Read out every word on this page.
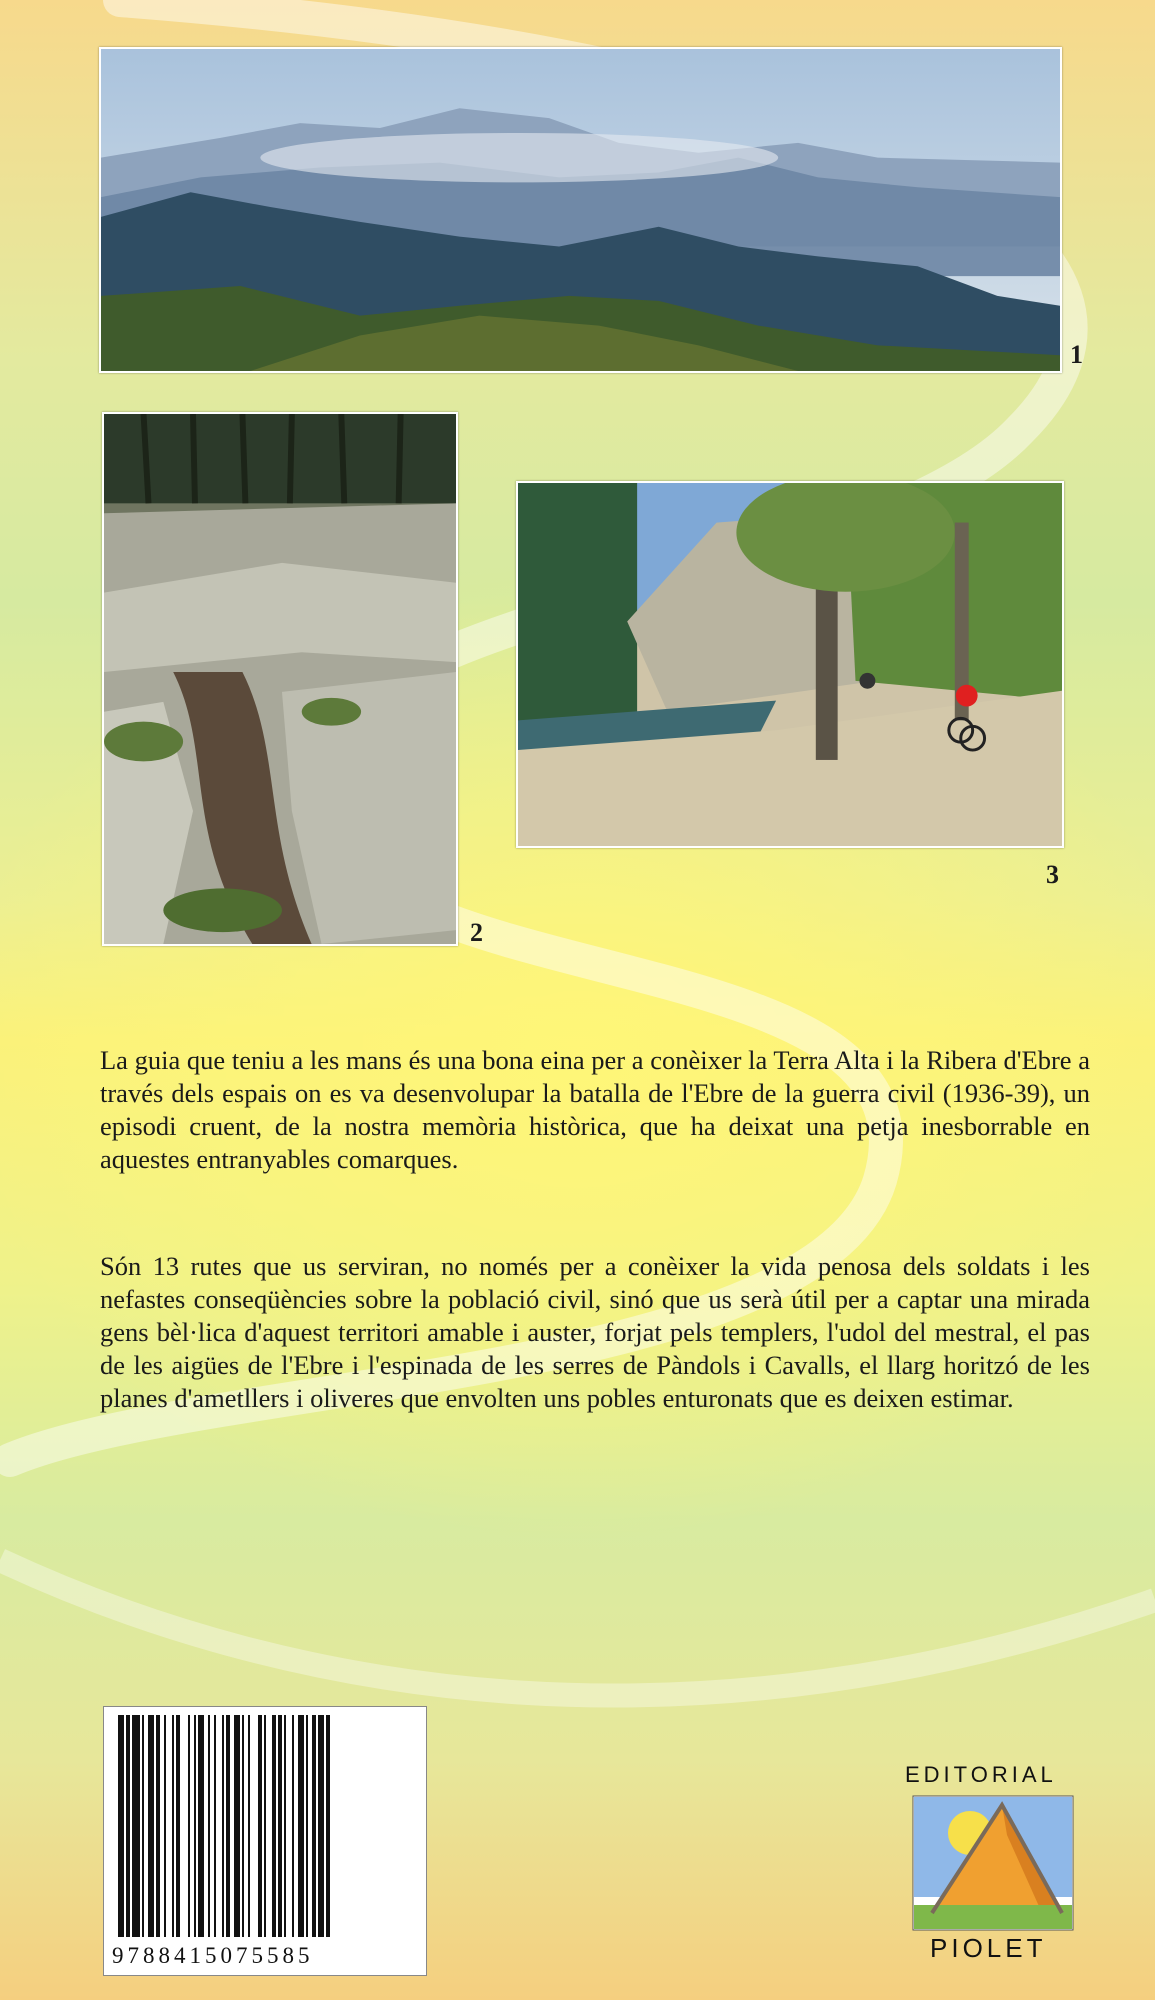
1
2
3

La guia que teniu a les mans és una bona eina per a conèixer la Terra Alta i la Ribera d'Ebre a través dels espais on es va desenvolupar la batalla de l'Ebre de la guerra civil (1936-39), un episodi cruent, de la nostra memòria històrica, que ha deixat una petja inesborrable en aquestes entranyables comarques.

Són 13 rutes que us serviran, no només per a conèixer la vida penosa dels soldats i les nefastes conseqüències sobre la població civil, sinó que us serà útil per a captar una mirada gens bèl·lica d'aquest territori amable i auster, forjat pels templers, l'udol del mestral, el pas de les aigües de l'Ebre i l'espinada de les serres de Pàndols i Cavalls, el llarg horitzó de les planes d'ametllers i oliveres que envolten uns pobles enturonats que es deixen estimar.

9788415075585
EDITORIAL
PIOLET
